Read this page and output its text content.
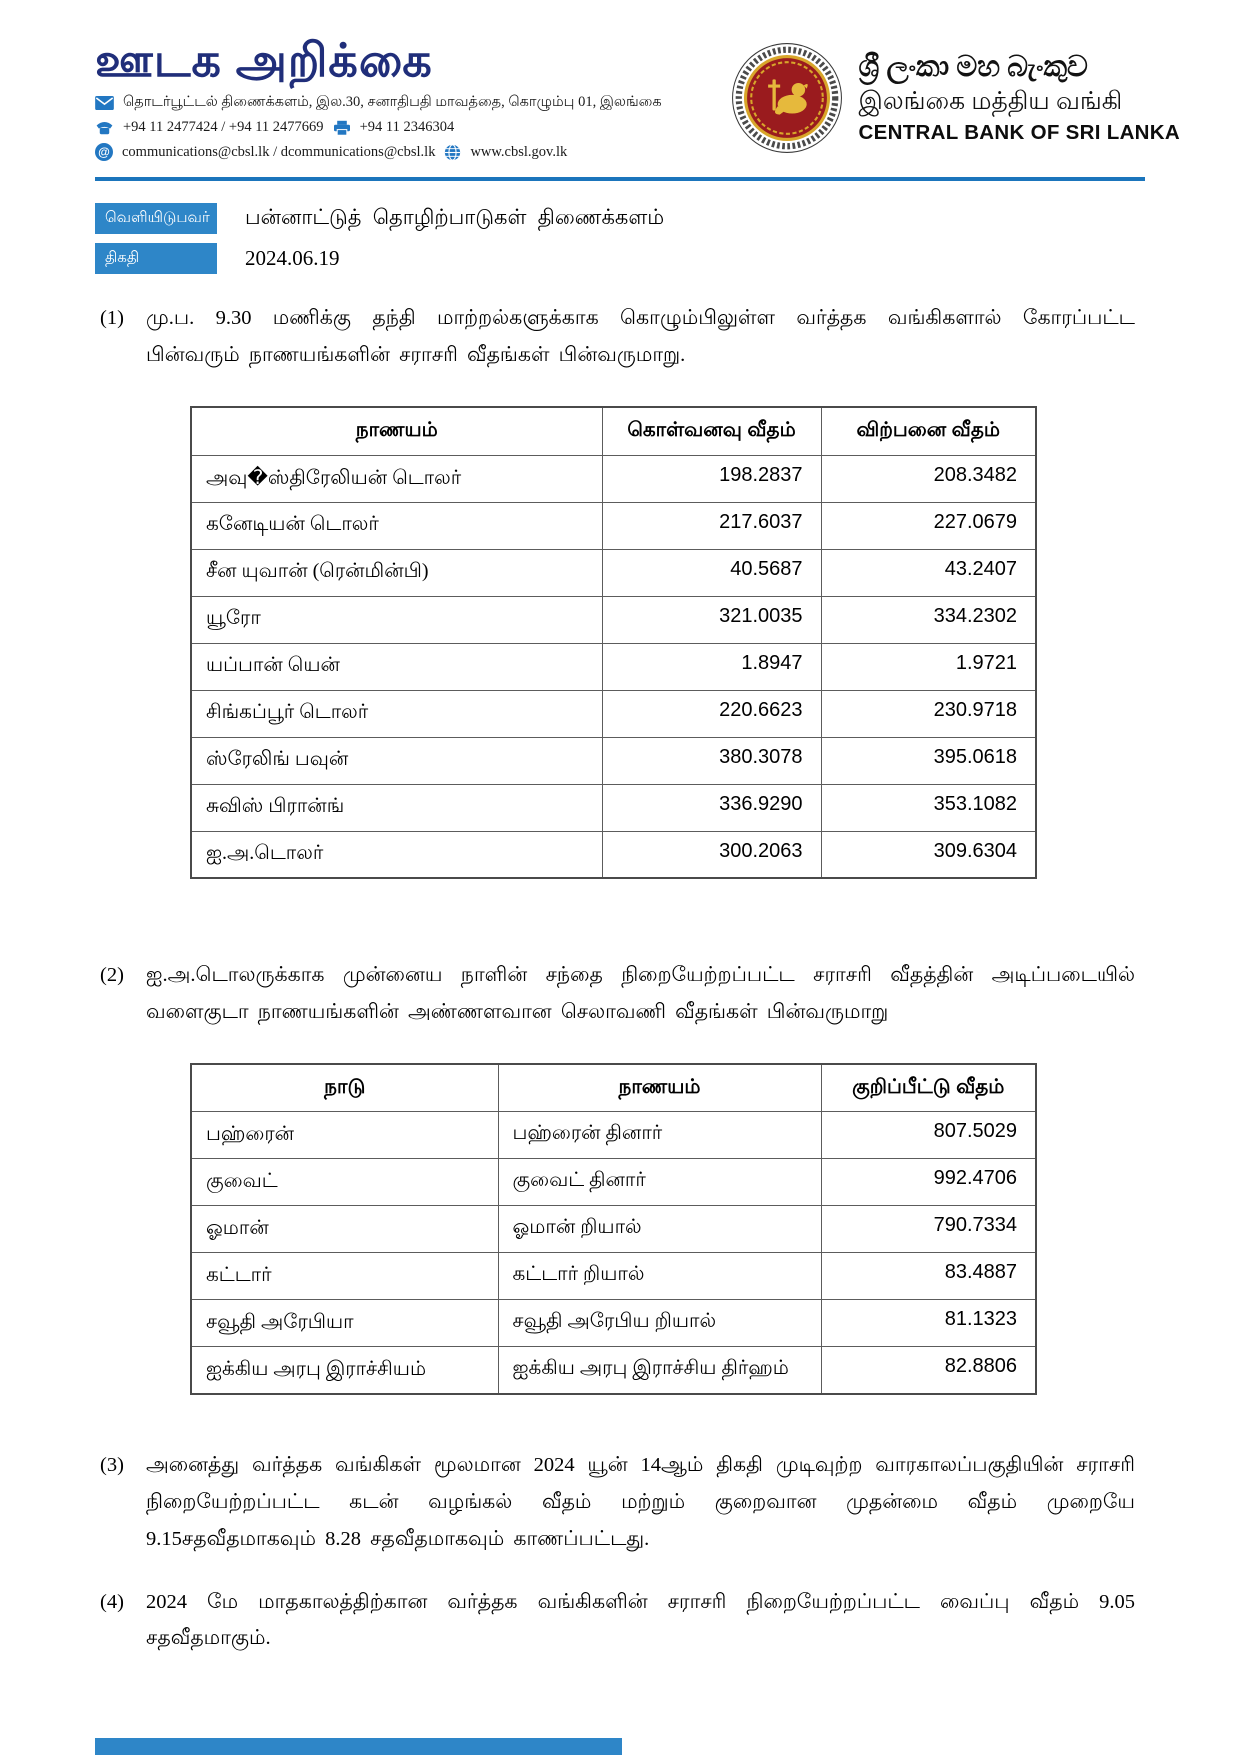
ஊடக அறிக்கை
தொடர்பூட்டல் திணைக்களம், இல.30, சனாதிபதி மாவத்தை, கொழும்பு 01, இலங்கை
+94 11 2477424 / +94 11 2477669 +94 11 2346304
@ communications@cbsl.lk / dcommunications@cbsl.lk www.cbsl.gov.lk
ශ්‍රී ලංකා මහ බැංකුව
இலங்கை மத்திய வங்கி
CENTRAL BANK OF SRI LANKA
வெளியிடுபவர்	பன்னாட்டுத் தொழிற்பாடுகள் திணைக்களம்
திகதி	2024.06.19
(1)	மு.ப. 9.30 மணிக்கு தந்தி மாற்றல்களுக்காக கொழும்பிலுள்ள வர்த்தக வங்கிகளால் கோரப்பட்ட பின்வரும் நாணயங்களின் சராசரி வீதங்கள் பின்வருமாறு.
நாணயம்	கொள்வனவு வீதம்	விற்பனை வீதம்
அவு�ஸ்திரேலியன் டொலர்	198.2837	208.3482
கனேடியன் டொலர்	217.6037	227.0679
சீன யுவான் (ரென்மின்பி)	40.5687	43.2407
யூரோ	321.0035	334.2302
யப்பான் யென்	1.8947	1.9721
சிங்கப்பூர் டொலர்	220.6623	230.9718
ஸ்ரேலிங் பவுன்	380.3078	395.0618
சுவிஸ் பிரான்ங்	336.9290	353.1082
ஐ.அ.டொலர்	300.2063	309.6304
(2)	ஐ.அ.டொலருக்காக முன்னைய நாளின் சந்தை நிறையேற்றப்பட்ட சராசரி வீதத்தின் அடிப்படையில் வளைகுடா நாணயங்களின் அண்ணளவான செலாவணி வீதங்கள் பின்வருமாறு
நாடு	நாணயம்	குறிப்பீட்டு வீதம்
பஹ்ரைன்	பஹ்ரைன் தினார்	807.5029
குவைட்	குவைட் தினார்	992.4706
ஓமான்	ஓமான் றியால்	790.7334
கட்டார்	கட்டார் றியால்	83.4887
சவூதி அரேபியா	சவூதி அரேபிய றியால்	81.1323
ஐக்கிய அரபு இராச்சியம்	ஐக்கிய அரபு இராச்சிய திர்ஹம்	82.8806
(3)	அனைத்து வர்த்தக வங்கிகள் மூலமான 2024 யூன் 14ஆம் திகதி முடிவுற்ற வாரகாலப்பகுதியின் சராசரி நிறையேற்றப்பட்ட கடன் வழங்கல் வீதம் மற்றும் குறைவான முதன்மை வீதம் முறையே 9.15சதவீதமாகவும் 8.28 சதவீதமாகவும் காணப்பட்டது.
(4)	2024 மே மாதகாலத்திற்கான வர்த்தக வங்கிகளின் சராசரி நிறையேற்றப்பட்ட வைப்பு வீதம் 9.05 சதவீதமாகும்.
